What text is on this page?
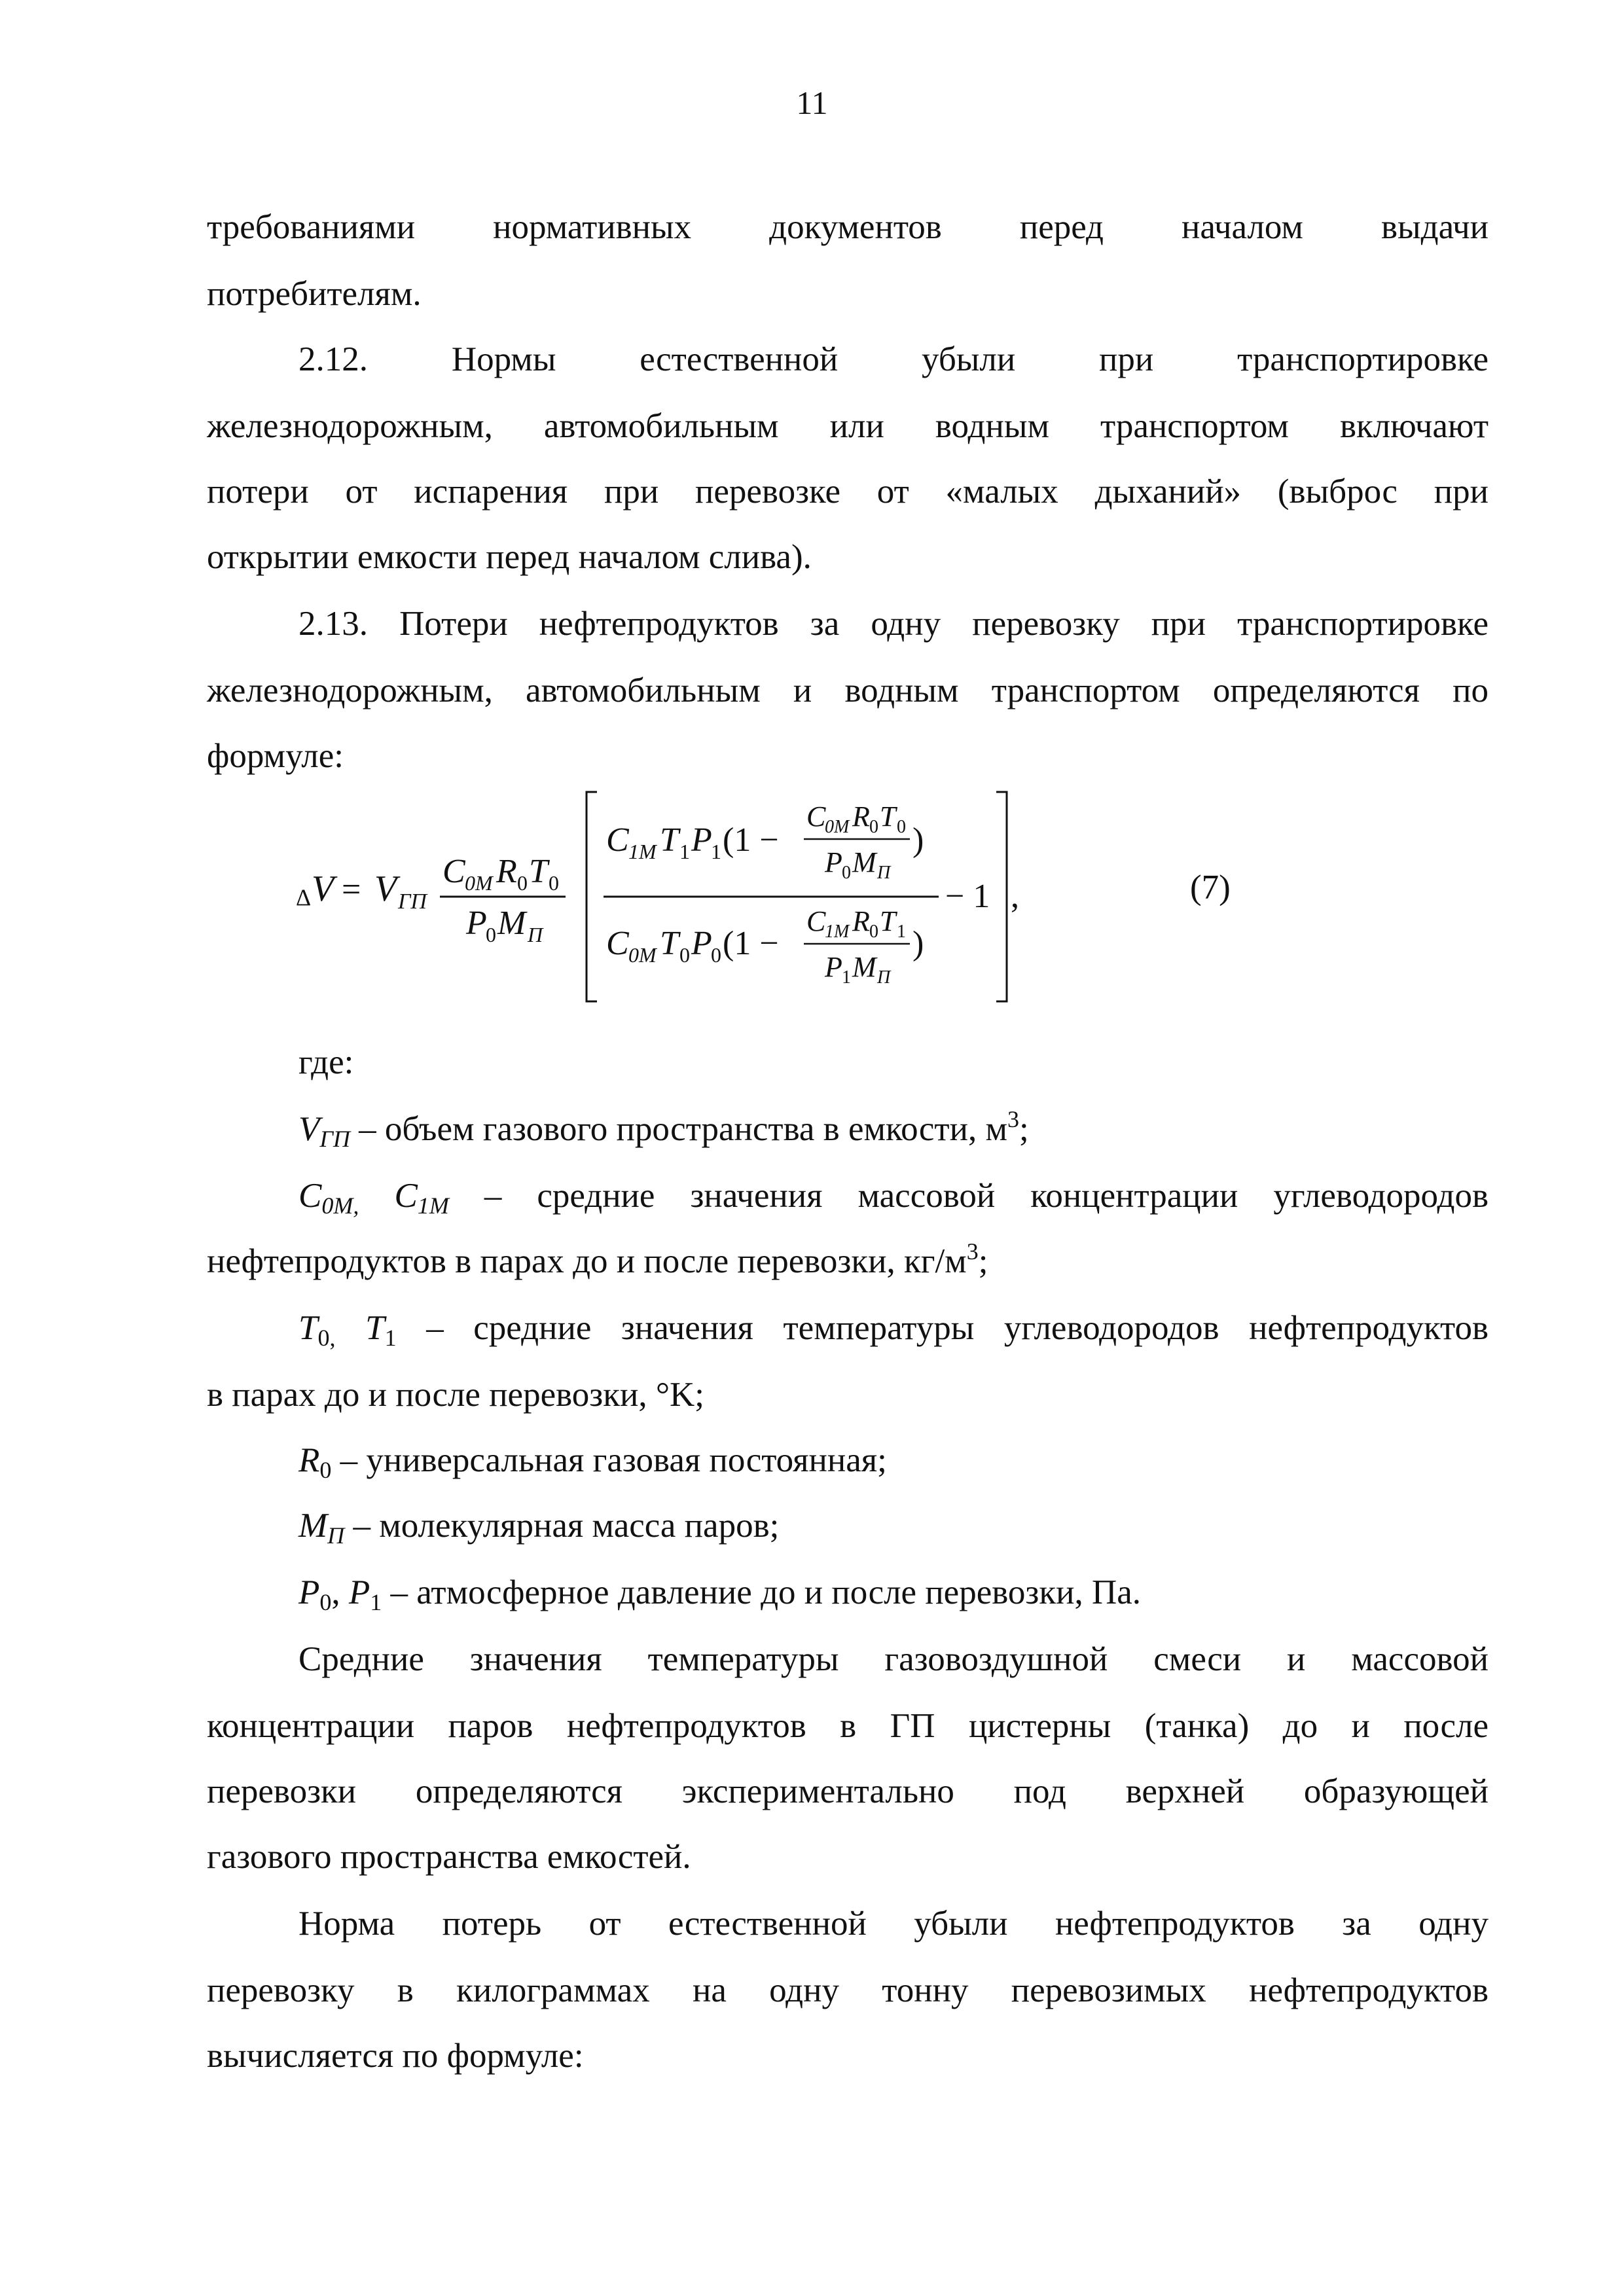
11
требованиями нормативных документов перед началом выдачи
потребителям.
2.12. Нормы естественной убыли при транспортировке
железнодорожным, автомобильным или водным транспортом включают
потери от испарения при перевозке от «малых дыханий» (выброс при
открытии емкости перед началом слива).
2.13. Потери нефтепродуктов за одну перевозку при транспортировке
железнодорожным, автомобильным и водным транспортом определяются по
формуле:
Δ V = V ГП
C 0M R 0 T 0
P
0 M П
C 1M T 1 P
1 (1 −
C
0M R 0 T 0
P 0 M П
)
− 1
C 0M T 0 P
0 (1 −
C
1M R 0 T 1
P 1 M П
)
,	(7)
где:
$V_{ГП}$ – объем газового пространства в емкости, $м^3$;
$C_{0M,}$ $C_{1M}$ – средние значения массовой концентрации углеводородов
нефтепродуктов в парах до и после перевозки, $кг/м^3$;
$T_{0,}$ $T_1$ – средние значения температуры углеводородов нефтепродуктов
в парах до и после перевозки, °K;
$R_0$ – универсальная газовая постоянная;
$M_П$ – молекулярная масса паров;
$P_0$, $P_1$ – атмосферное давление до и после перевозки, Па.
Средние значения температуры газовоздушной смеси и массовой
концентрации паров нефтепродуктов в ГП цистерны (танка) до и после
перевозки определяются экспериментально под верхней образующей
газового пространства емкостей.
Норма потерь от естественной убыли нефтепродуктов за одну
перевозку в килограммах на одну тонну перевозимых нефтепродуктов
вычисляется по формуле:
